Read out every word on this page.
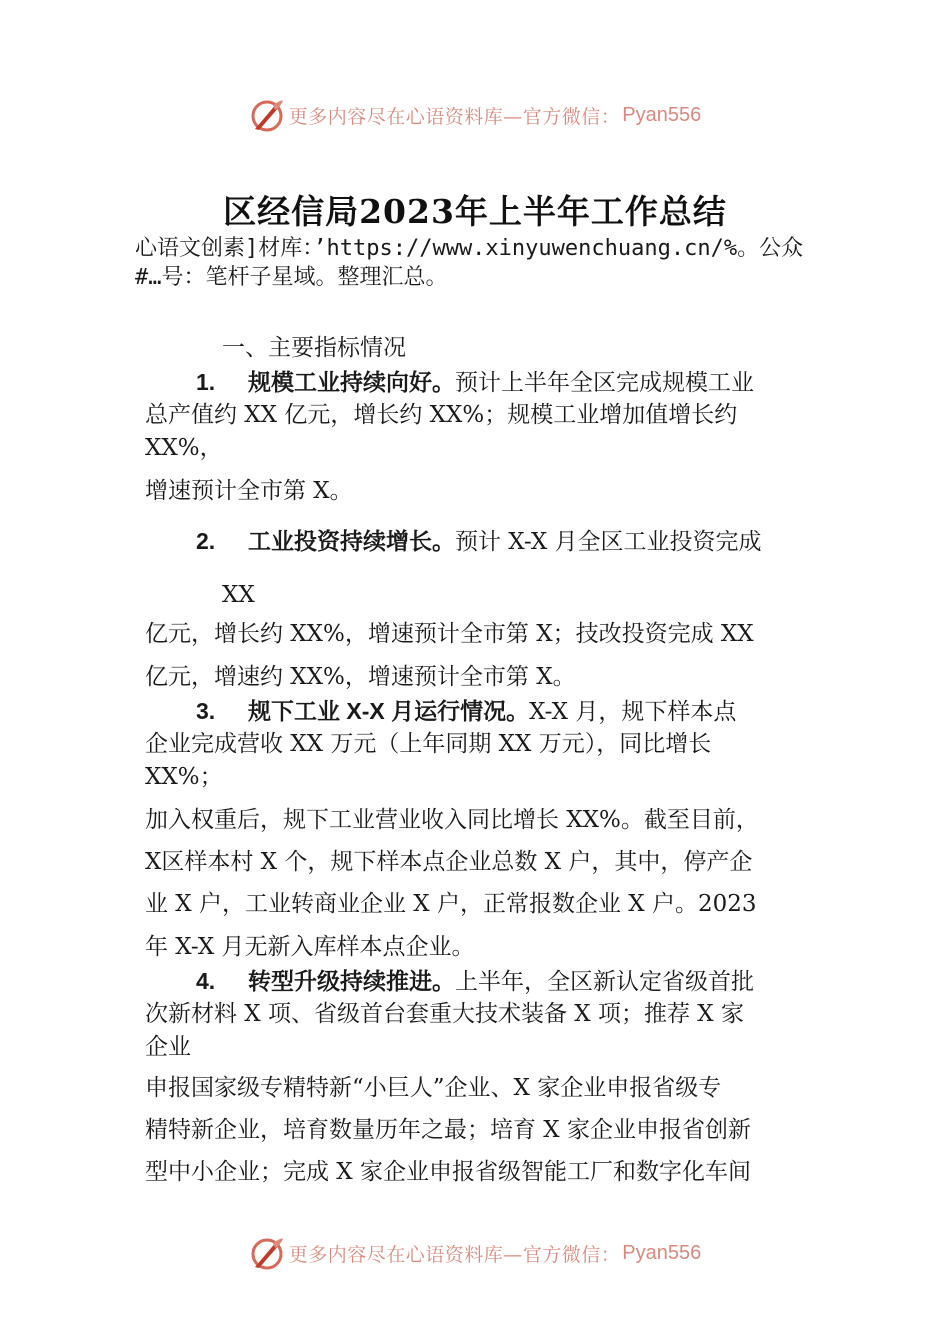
更多内容尽在心语资料库—官方微信： Pyan556
区经信局2023年上半年工作总结
心语文创素]材库：’https://www.xinyuwenchuang.cn/%。公众
#…号：笔杆子星域。整理汇总。
一、主要指标情况
1. 规模工业持续向好。预计上半年全区完成规模工业
总产值约 XX 亿元，增长约 XX%；规模工业增加值增长约
XX%，
增速预计全市第 X。
2. 工业投资持续增长。预计 X-X 月全区工业投资完成
XX
亿元，增长约 XX%，增速预计全市第 X；技改投资完成 XX
亿元，增速约 XX%，增速预计全市第 X。
3. 规下工业 X-X 月运行情况。X-X 月，规下样本点
企业完成营收 XX 万元（上年同期 XX 万元），同比增长
XX%；
加入权重后，规下工业营业收入同比增长 XX%。截至目前，
X区样本村 X 个，规下样本点企业总数 X 户，其中，停产企
业 X 户，工业转商业企业 X 户，正常报数企业 X 户。2023
年 X-X 月无新入库样本点企业。
4. 转型升级持续推进。上半年，全区新认定省级首批
次新材料 X 项、省级首台套重大技术装备 X 项；推荐 X 家
企业
申报国家级专精特新“小巨人”企业、X 家企业申报省级专
精特新企业，培育数量历年之最；培育 X 家企业申报省创新
型中小企业；完成 X 家企业申报省级智能工厂和数字化车间
更多内容尽在心语资料库—官方微信： Pyan556
